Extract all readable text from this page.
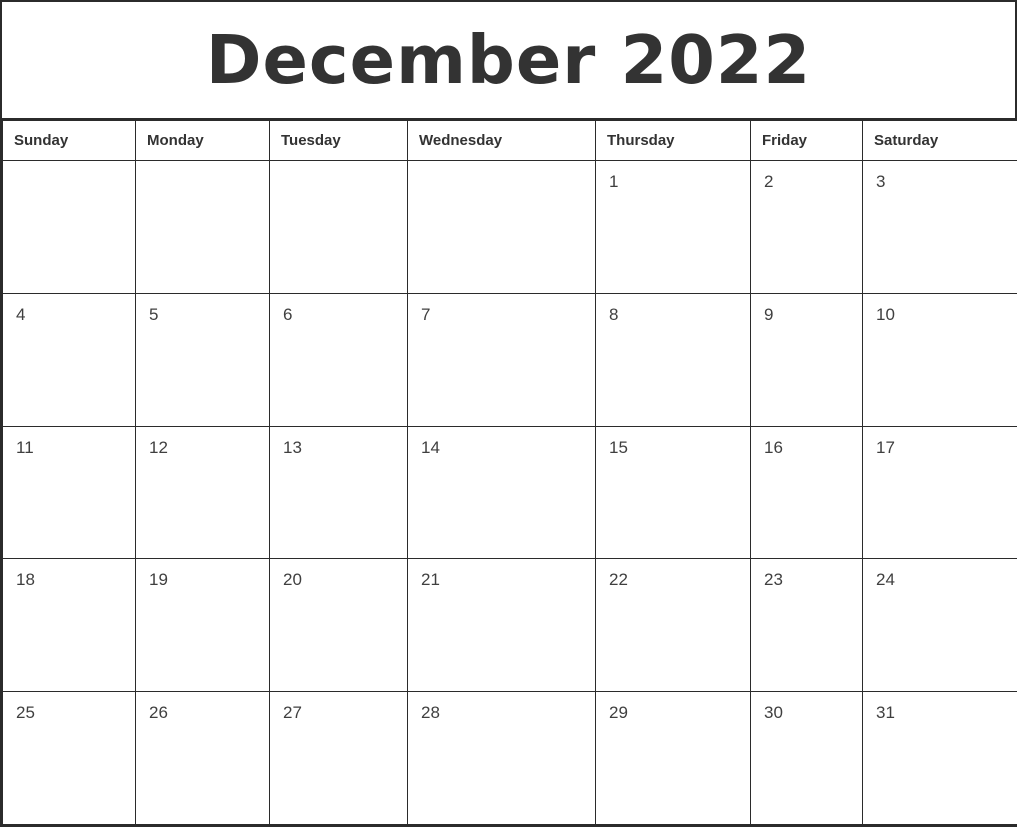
December 2022
Sunday	Monday	Tuesday	Wednesday	Thursday	Friday	Saturday

				1	2	3

4	5	6	7	8	9	10

11	12	13	14	15	16	17

18	19	20	21	22	23	24

25	26	27	28	29	30	31
